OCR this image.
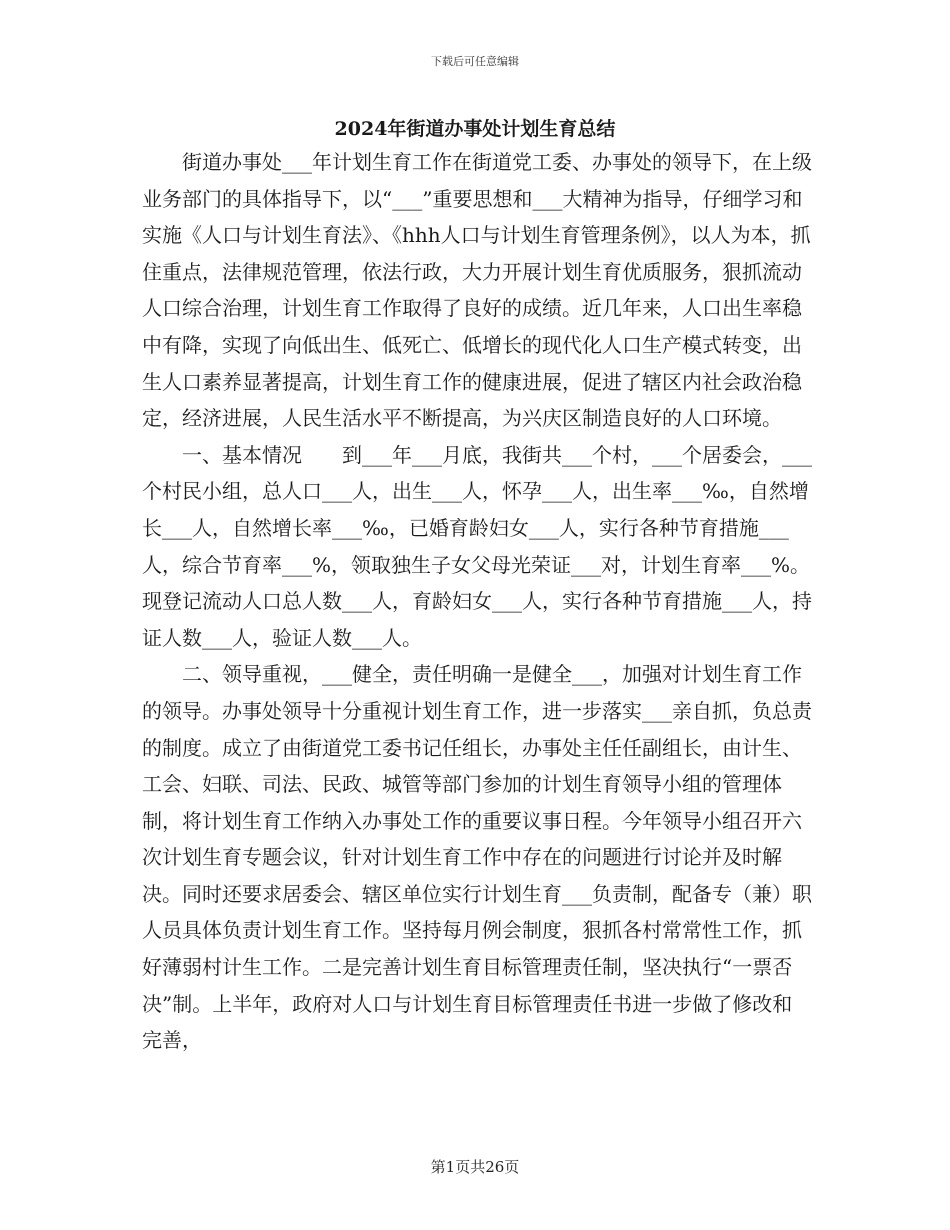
下载后可任意编辑
2024年街道办事处计划生育总结

街道办事处___年计划生育工作在街道党工委、办事处的领导下，在上级业务部门的具体指导下，以“___”重要思想和___大精神为指导，仔细学习和实施《人口与计划生育法》、《hhh人口与计划生育管理条例》，以人为本，抓住重点，法律规范管理，依法行政，大力开展计划生育优质服务，狠抓流动人口综合治理，计划生育工作取得了良好的成绩。近几年来，人口出生率稳中有降，实现了向低出生、低死亡、低增长的现代化人口生产模式转变，出生人口素养显著提高，计划生育工作的健康进展，促进了辖区内社会政治稳定，经济进展，人民生活水平不断提高，为兴庆区制造良好的人口环境。

一、基本情况　　到___年___月底，我街共___个村，___个居委会，___个村民小组，总人口___人，出生___人，怀孕___人，出生率___‰，自然增长___人，自然增长率___‰，已婚育龄妇女___人，实行各种节育措施___人，综合节育率___%，领取独生子女父母光荣证___对，计划生育率___%。现登记流动人口总人数___人，育龄妇女___人，实行各种节育措施___人，持证人数___人，验证人数___人。

二、领导重视，___健全，责任明确一是健全___，加强对计划生育工作的领导。办事处领导十分重视计划生育工作，进一步落实___亲自抓，负总责的制度。成立了由街道党工委书记任组长，办事处主任任副组长，由计生、工会、妇联、司法、民政、城管等部门参加的计划生育领导小组的管理体制，将计划生育工作纳入办事处工作的重要议事日程。今年领导小组召开六次计划生育专题会议，针对计划生育工作中存在的问题进行讨论并及时解决。同时还要求居委会、辖区单位实行计划生育___负责制，配备专（兼）职人员具体负责计划生育工作。坚持每月例会制度，狠抓各村常常性工作，抓好薄弱村计生工作。二是完善计划生育目标管理责任制，坚决执行“一票否决”制。上半年，政府对人口与计划生育目标管理责任书进一步做了修改和完善，

第1页共26页
